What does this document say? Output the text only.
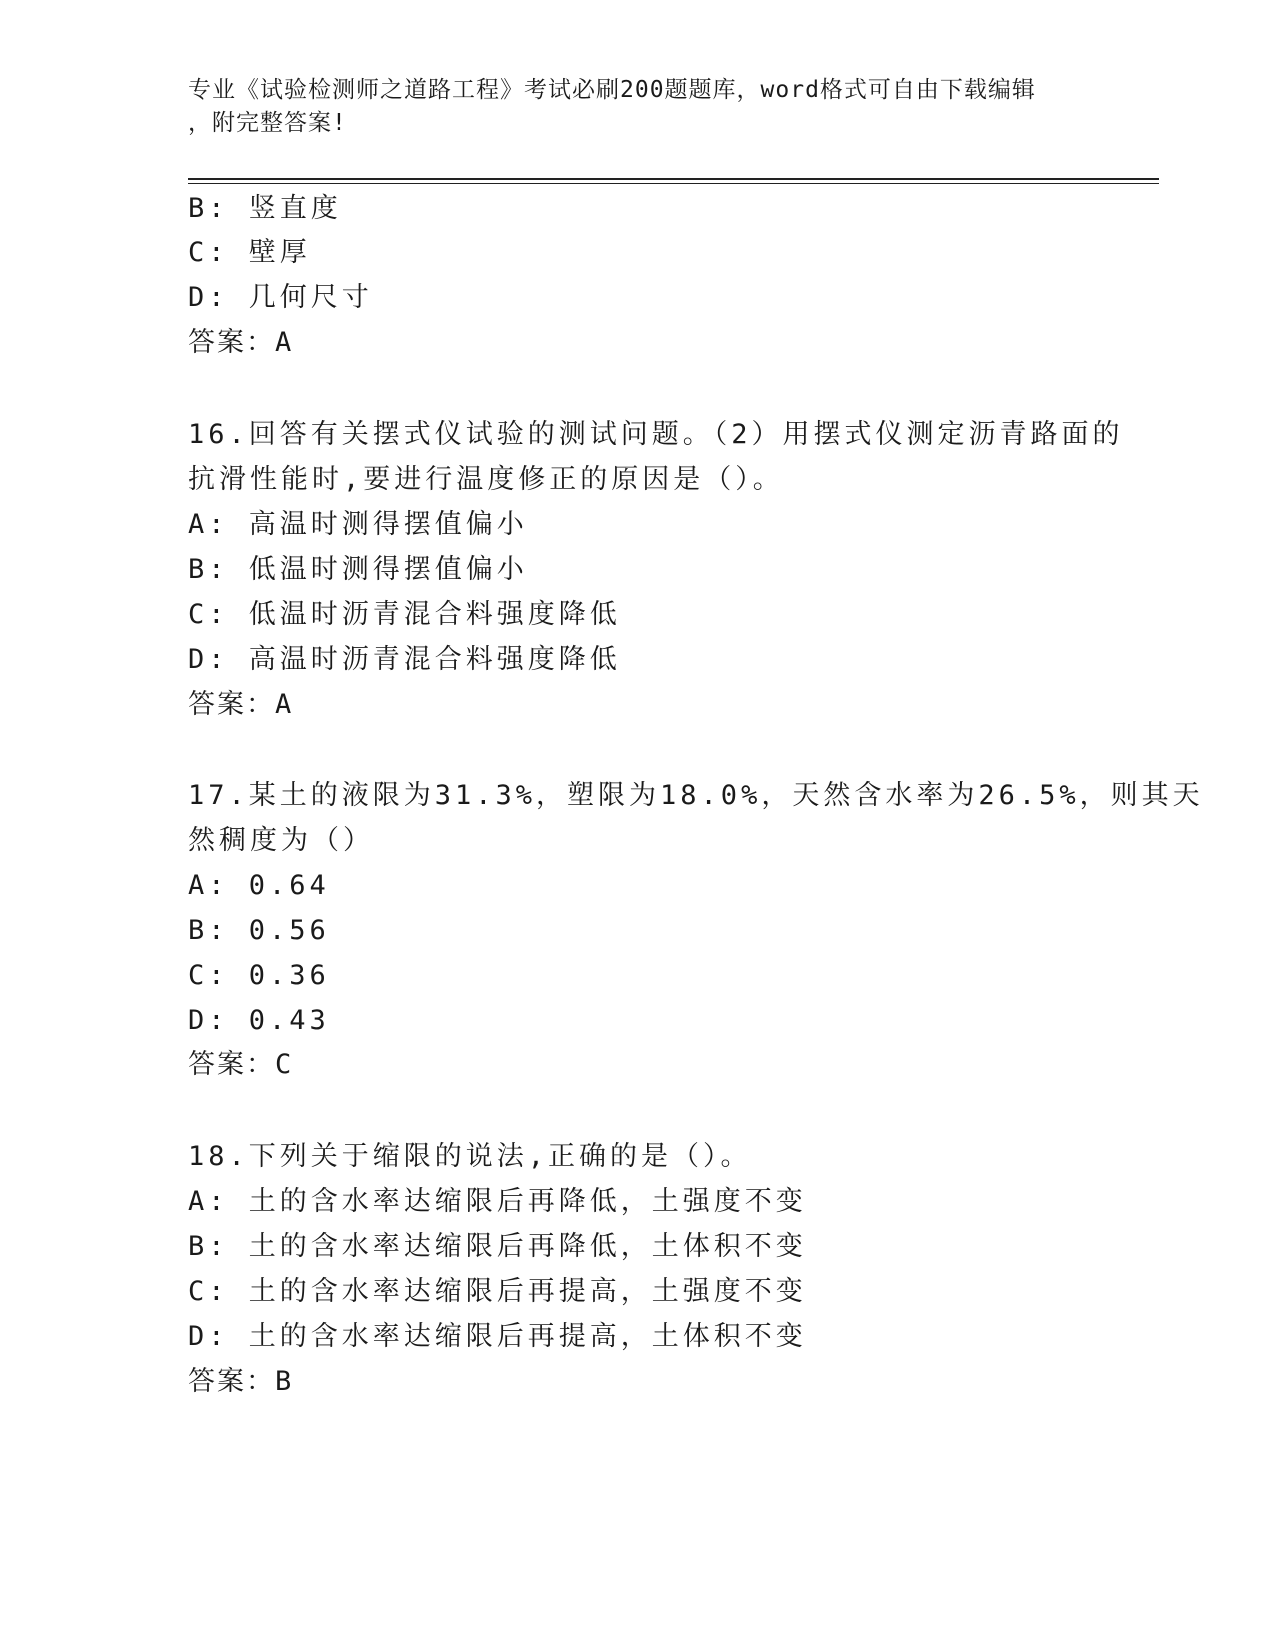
专业《试验检测师之道路工程》考试必刷200题题库，word格式可自由下载编辑
，附完整答案!
B: 竖直度
C: 壁厚
D: 几何尺寸
答案：A
16.回答有关摆式仪试验的测试问题。（2）用摆式仪测定沥青路面的
抗滑性能时,要进行温度修正的原因是（）。
A: 高温时测得摆值偏小
B: 低温时测得摆值偏小
C: 低温时沥青混合料强度降低
D: 高温时沥青混合料强度降低
答案：A
17.某土的液限为31.3%，塑限为18.0%，天然含水率为26.5%，则其天
然稠度为（）
A: 0.64
B: 0.56
C: 0.36
D: 0.43
答案：C
18.下列关于缩限的说法,正确的是（）。
A: 土的含水率达缩限后再降低，土强度不变
B: 土的含水率达缩限后再降低，土体积不变
C: 土的含水率达缩限后再提高，土强度不变
D: 土的含水率达缩限后再提高，土体积不变
答案：B
